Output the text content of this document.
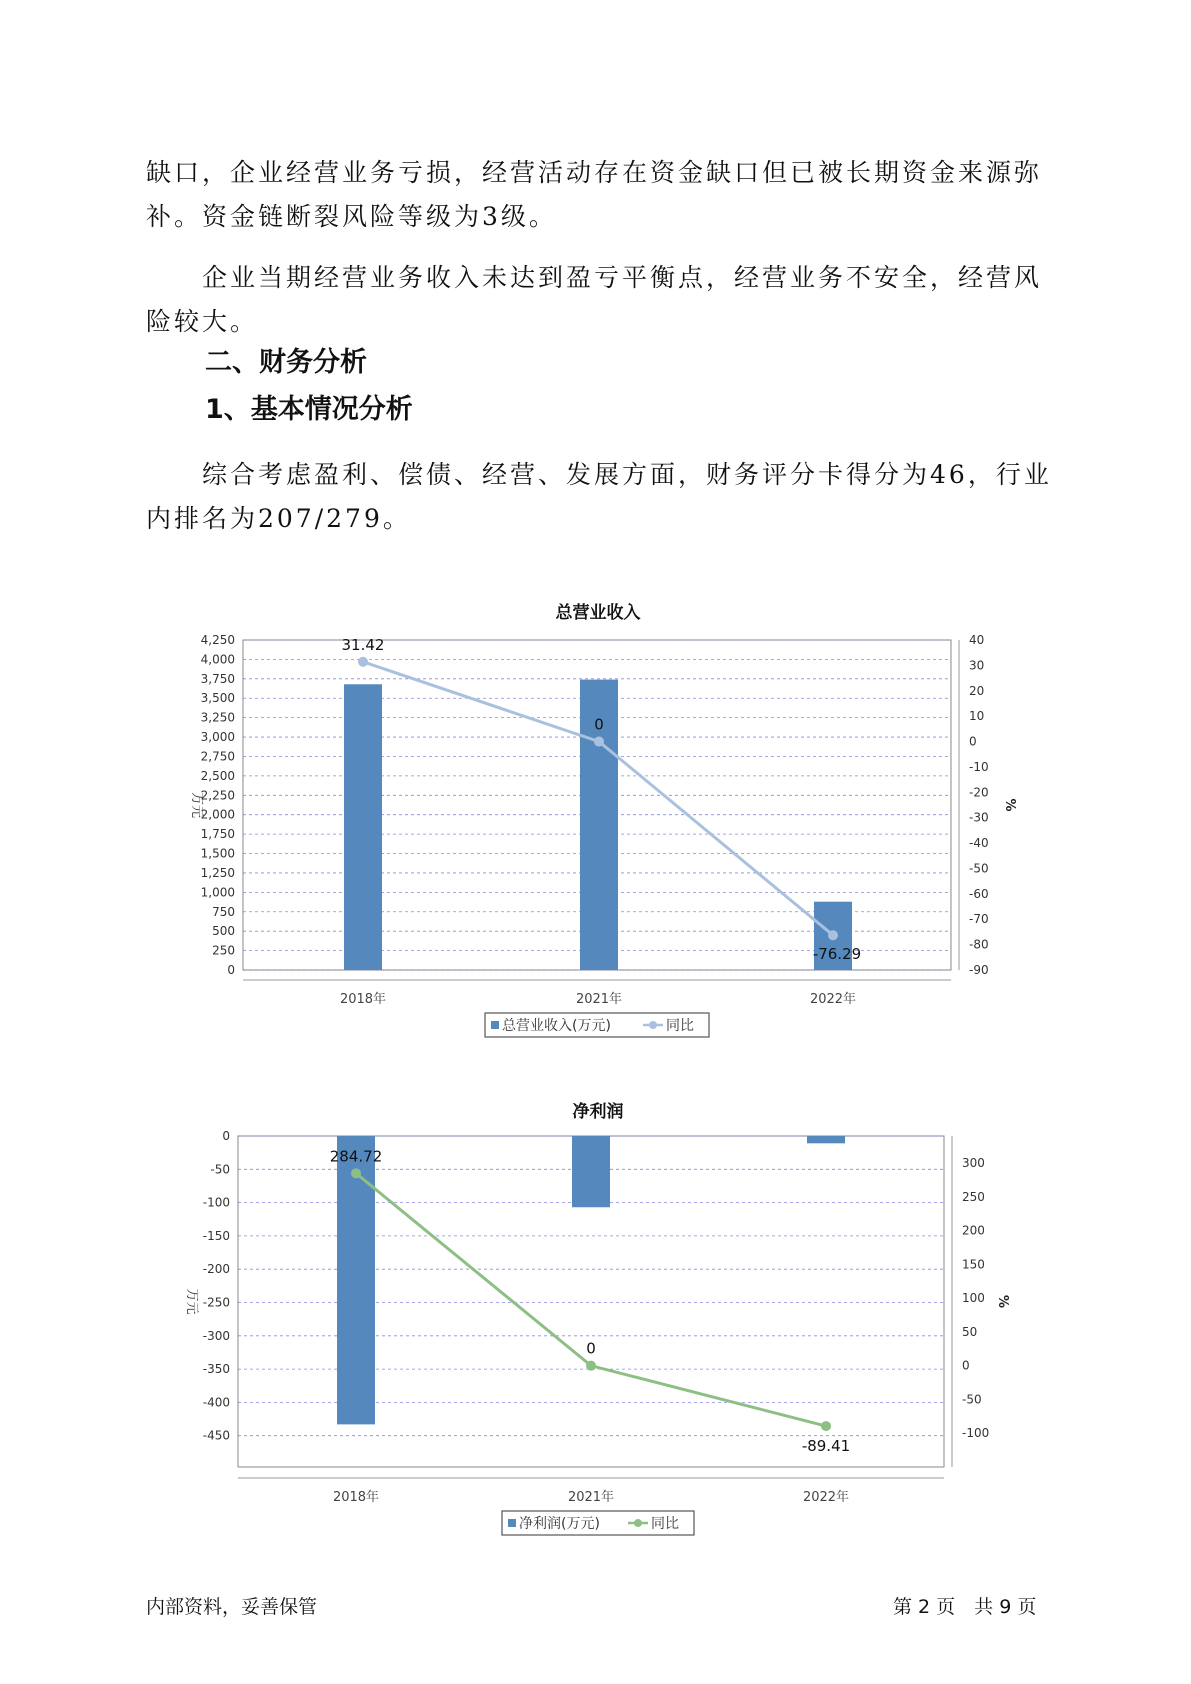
缺口，企业经营业务亏损，经营活动存在资金缺口但已被长期资金来源弥
补。资金链断裂风险等级为3级。

企业当期经营业务收入未达到盈亏平衡点，经营业务不安全，经营风
险较大。

二、财务分析
1、基本情况分析

综合考虑盈利、偿债、经营、发展方面，财务评分卡得分为46，行业
内排名为207/279。

总营业收入
0
250
500
750
1,000
1,250
1,500
1,750
2,000
2,250
2,500
2,750
3,000
3,250
3,500
3,750
4,000
4,250	40
30
20
10
0
-10
-20
-30
-40
-50
-60
-70
-80
-90
万元	%
2018年	2021年	2022年
31.42
0
-76.29
总营业收入(万元)	同比
净利润
0
-50
-100
-150
-200
-250
-300
-350
-400
-450
300
250
200
150
100
50
0
-50
-100
万元	%
2018年	2021年	2022年
284.72
0
-89.41
净利润(万元)	同比
内部资料，妥善保管	第 2 页　共 9 页
